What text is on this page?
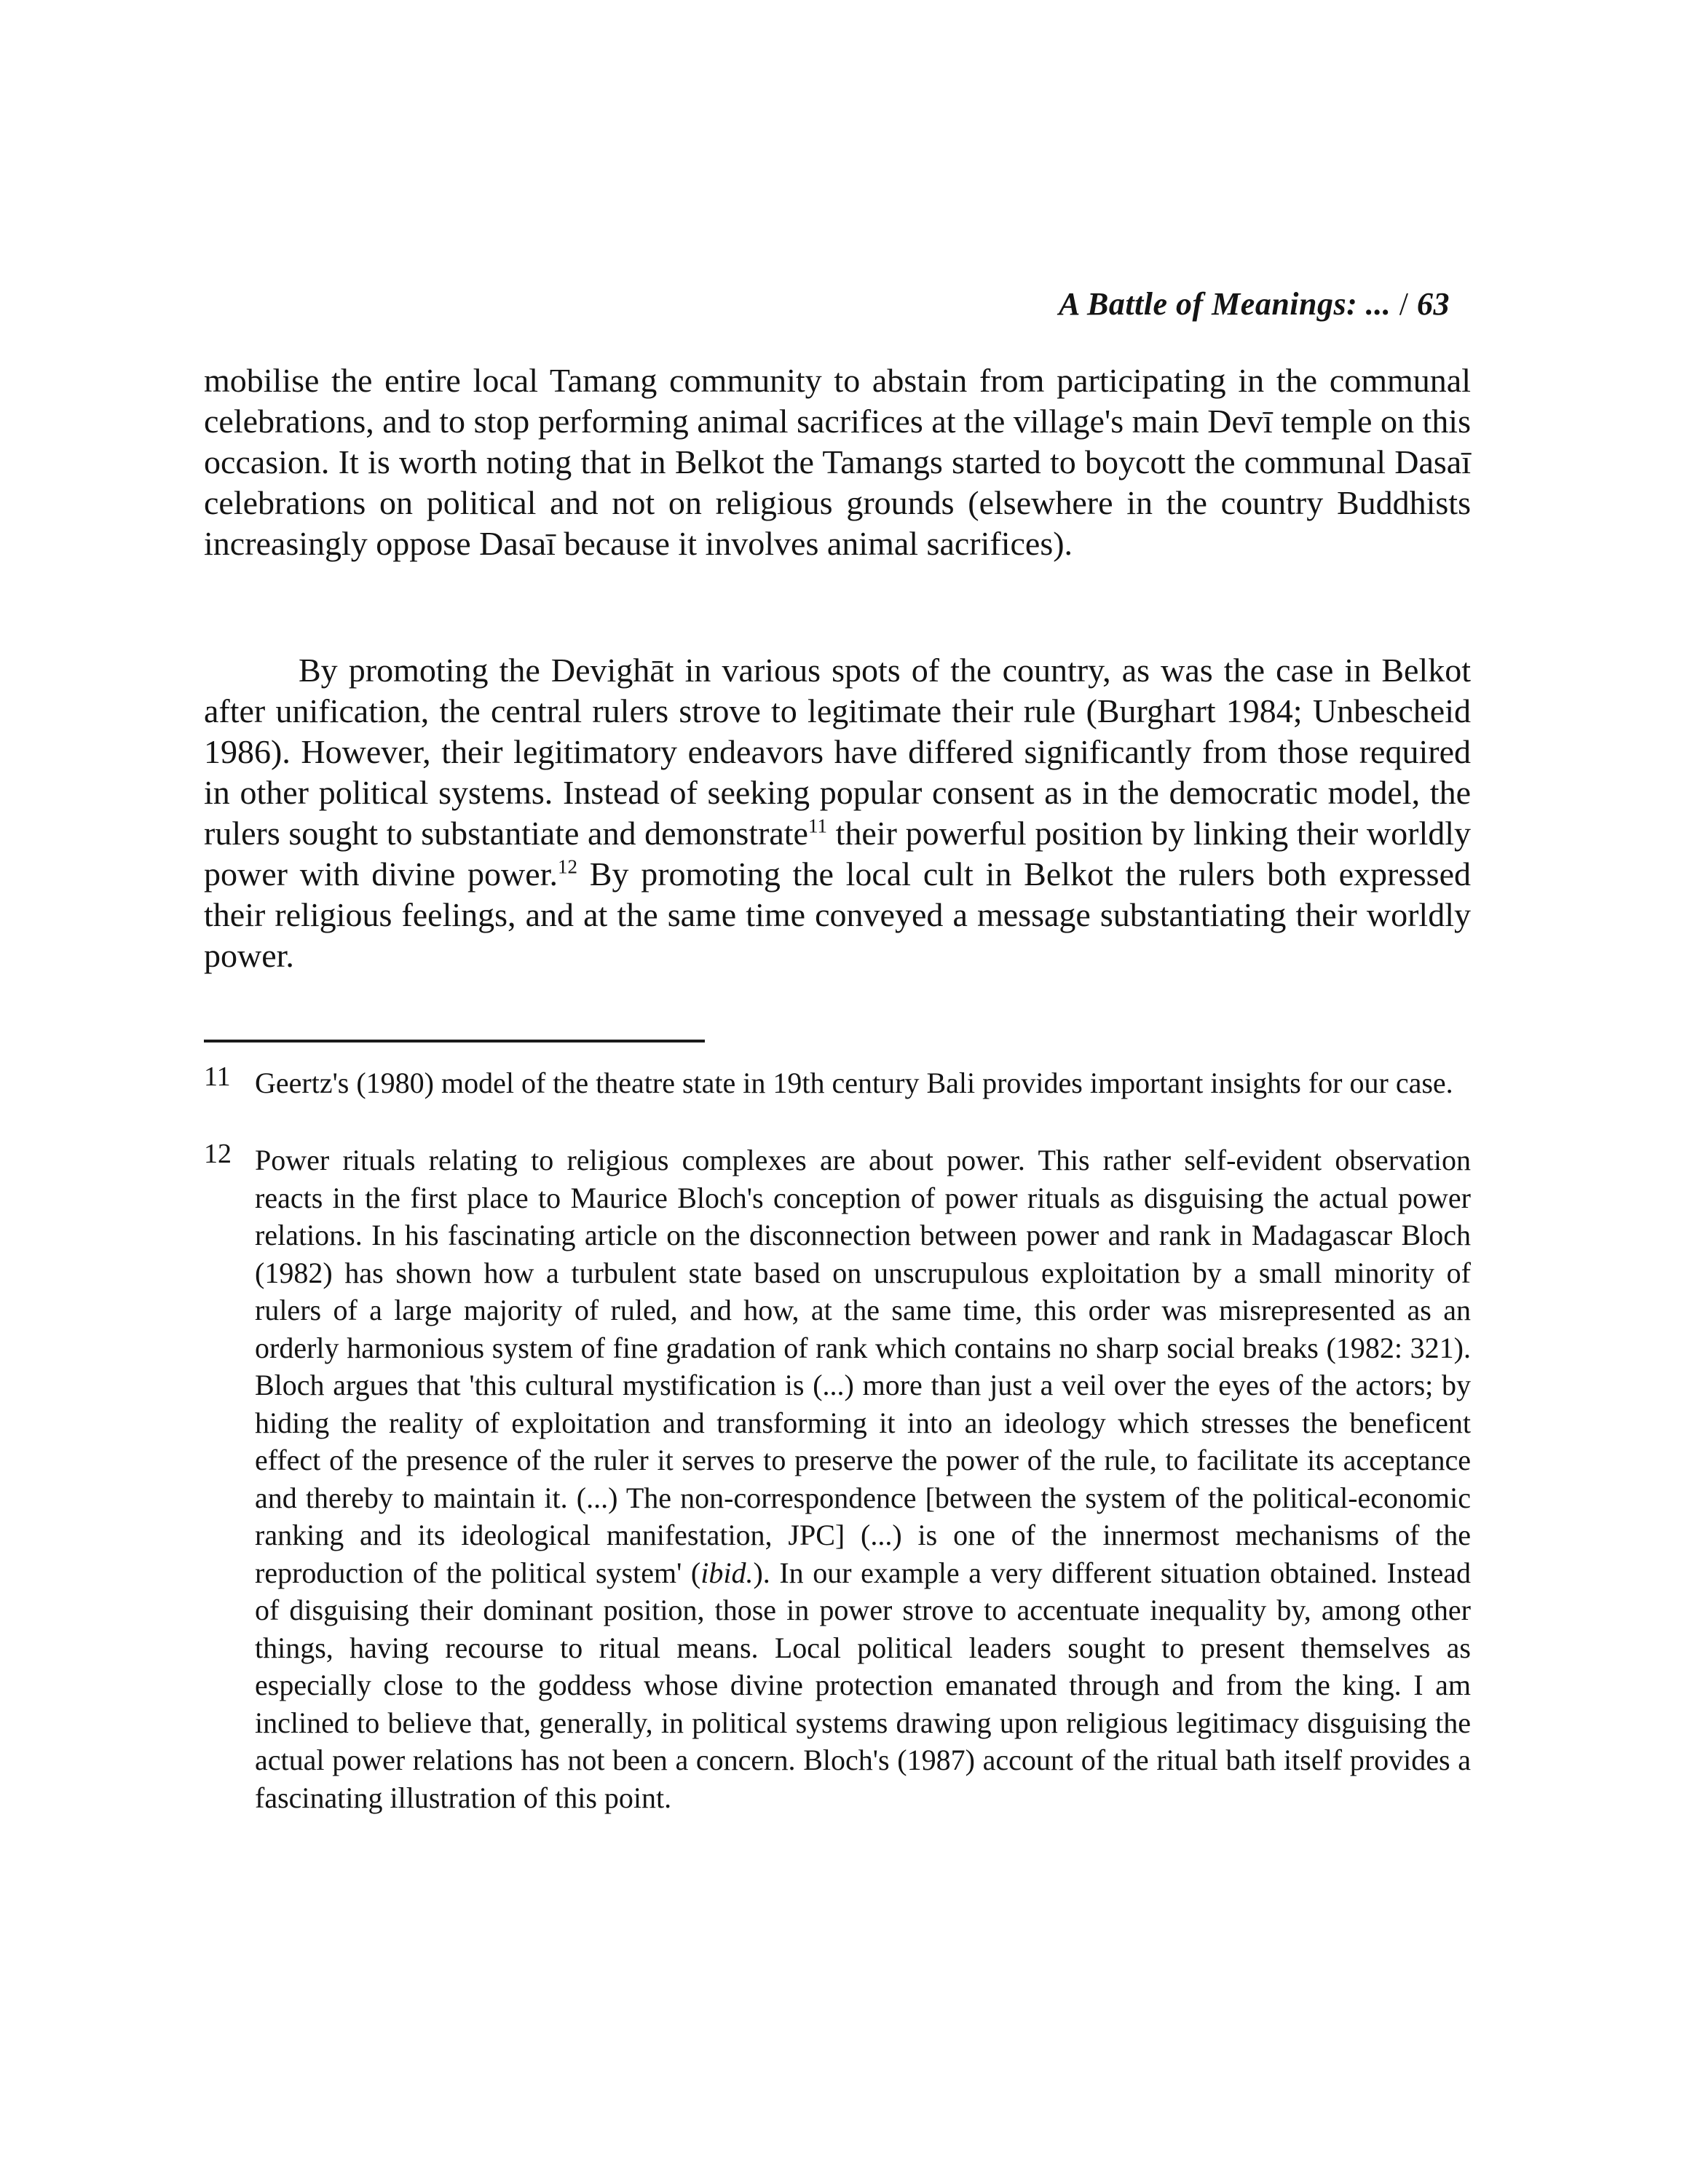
A Battle of Meanings: ... / 63

mobilise the entire local Tamang community to abstain from participating in the communal celebrations, and to stop performing animal sacrifices at the village's main Devī temple on this occasion. It is worth noting that in Belkot the Tamangs started to boycott the communal Dasaī celebrations on political and not on religious grounds (elsewhere in the country Buddhists increasingly oppose Dasaī because it involves animal sacrifices).

By promoting the Devighāt in various spots of the country, as was the case in Belkot after unification, the central rulers strove to legitimate their rule (Burghart 1984; Unbescheid 1986). However, their legitimatory endeavors have differed significantly from those required in other political systems. Instead of seeking popular consent as in the democratic model, the rulers sought to substantiate and demonstrate$^{11}$ their powerful position by linking their worldly power with divine power.$^{12}$ By promoting the local cult in Belkot the rulers both expressed their religious feelings, and at the same time conveyed a message substantiating their worldly power.

11 Geertz's (1980) model of the theatre state in 19th century Bali provides important insights for our case.
12 Power rituals relating to religious complexes are about power. This rather self-evident observation reacts in the first place to Maurice Bloch's conception of power rituals as disguising the actual power relations. In his fascinating article on the disconnection between power and rank in Madagascar Bloch (1982) has shown how a turbulent state based on unscrupulous exploitation by a small minority of rulers of a large majority of ruled, and how, at the same time, this order was misrepresented as an orderly harmonious system of fine gradation of rank which contains no sharp social breaks (1982: 321). Bloch argues that 'this cultural mystification is (...) more than just a veil over the eyes of the actors; by hiding the reality of exploitation and transforming it into an ideology which stresses the beneficent effect of the presence of the ruler it serves to preserve the power of the rule, to facilitate its acceptance and thereby to maintain it. (...) The non-correspondence [between the system of the political-economic ranking and its ideological manifestation, JPC] (...) is one of the innermost mechanisms of the reproduction of the political system' (ibid.). In our example a very different situation obtained. Instead of disguising their dominant position, those in power strove to accentuate inequality by, among other things, having recourse to ritual means. Local political leaders sought to present themselves as especially close to the goddess whose divine protection emanated through and from the king. I am inclined to believe that, generally, in political systems drawing upon religious legitimacy disguising the actual power relations has not been a concern. Bloch's (1987) account of the ritual bath itself provides a fascinating illustration of this point.
